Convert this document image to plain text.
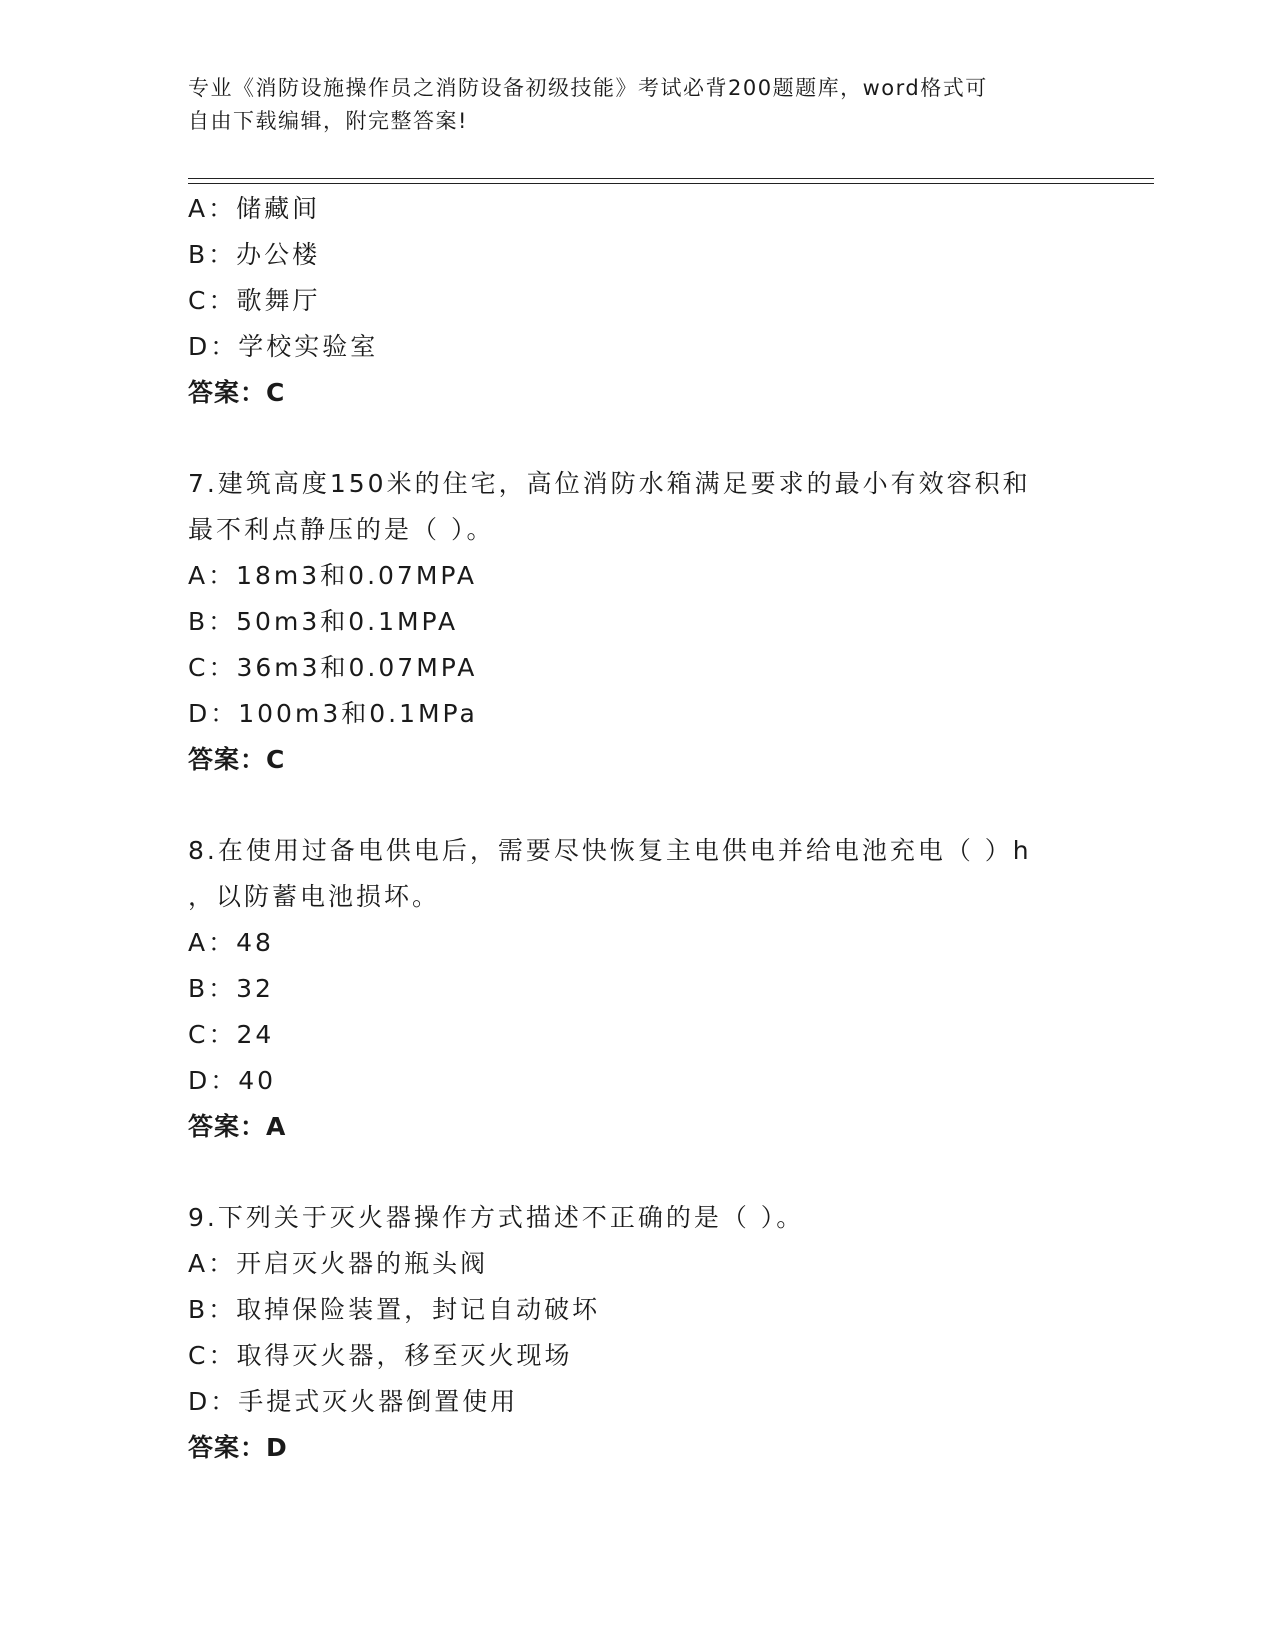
专业《消防设施操作员之消防设备初级技能》考试必背200题题库，word格式可
自由下载编辑，附完整答案!
A：储藏间
B：办公楼
C：歌舞厅
D：学校实验室
答案：C
7.建筑高度150米的住宅，高位消防水箱满足要求的最小有效容积和
最不利点静压的是（ ）。
A：18m3和0.07MPA
B：50m3和0.1MPA
C：36m3和0.07MPA
D：100m3和0.1MPa
答案：C
8.在使用过备电供电后，需要尽快恢复主电供电并给电池充电（ ）h
，以防蓄电池损坏。
A：48
B：32
C：24
D：40
答案：A
9.下列关于灭火器操作方式描述不正确的是（ ）。
A：开启灭火器的瓶头阀
B：取掉保险装置，封记自动破坏
C：取得灭火器，移至灭火现场
D：手提式灭火器倒置使用
答案：D
